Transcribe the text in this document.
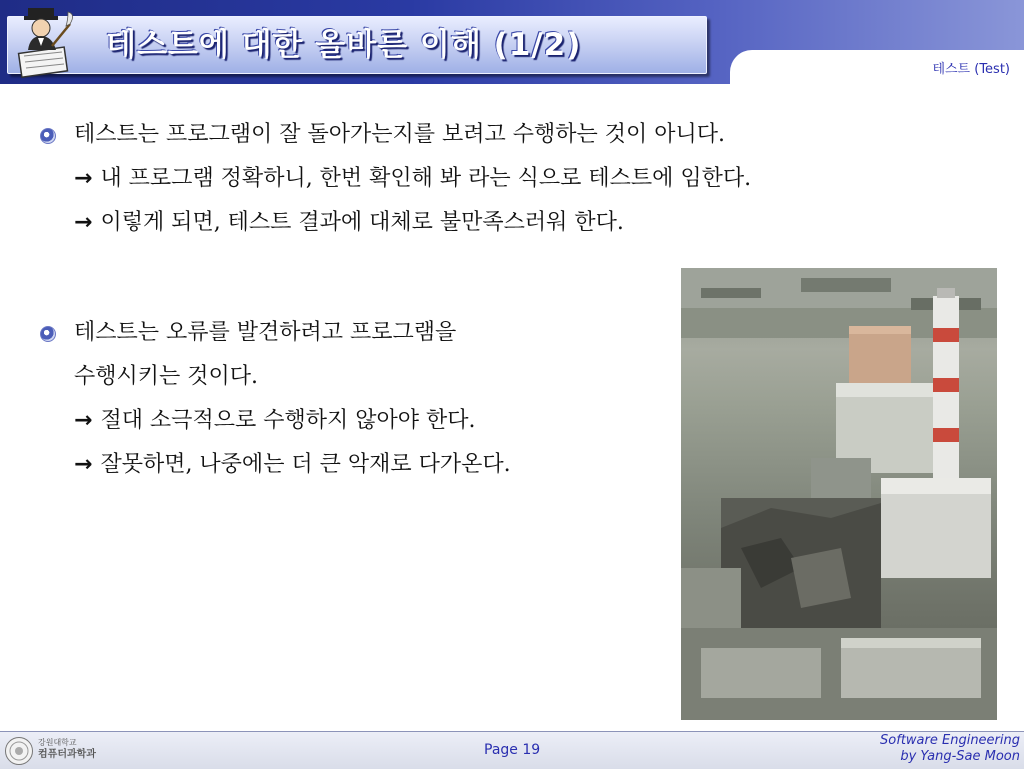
테스트에 대한 올바른 이해 (1/2)
테스트 (Test)
테스트는 프로그램이 잘 돌아가는지를 보려고 수행하는 것이 아니다.
→ 내 프로그램 정확하니, 한번 확인해 봐 라는 식으로 테스트에 임한다.
→ 이렇게 되면, 테스트 결과에 대체로 불만족스러워 한다.
테스트는 오류를 발견하려고 프로그램을
수행시키는 것이다.
→ 절대 소극적으로 수행하지 않아야 한다.
→ 잘못하면, 나중에는 더 큰 악재로 다가온다.
강원대학교
컴퓨터과학과	Page 19
Software Engineering
by Yang-Sae Moon
